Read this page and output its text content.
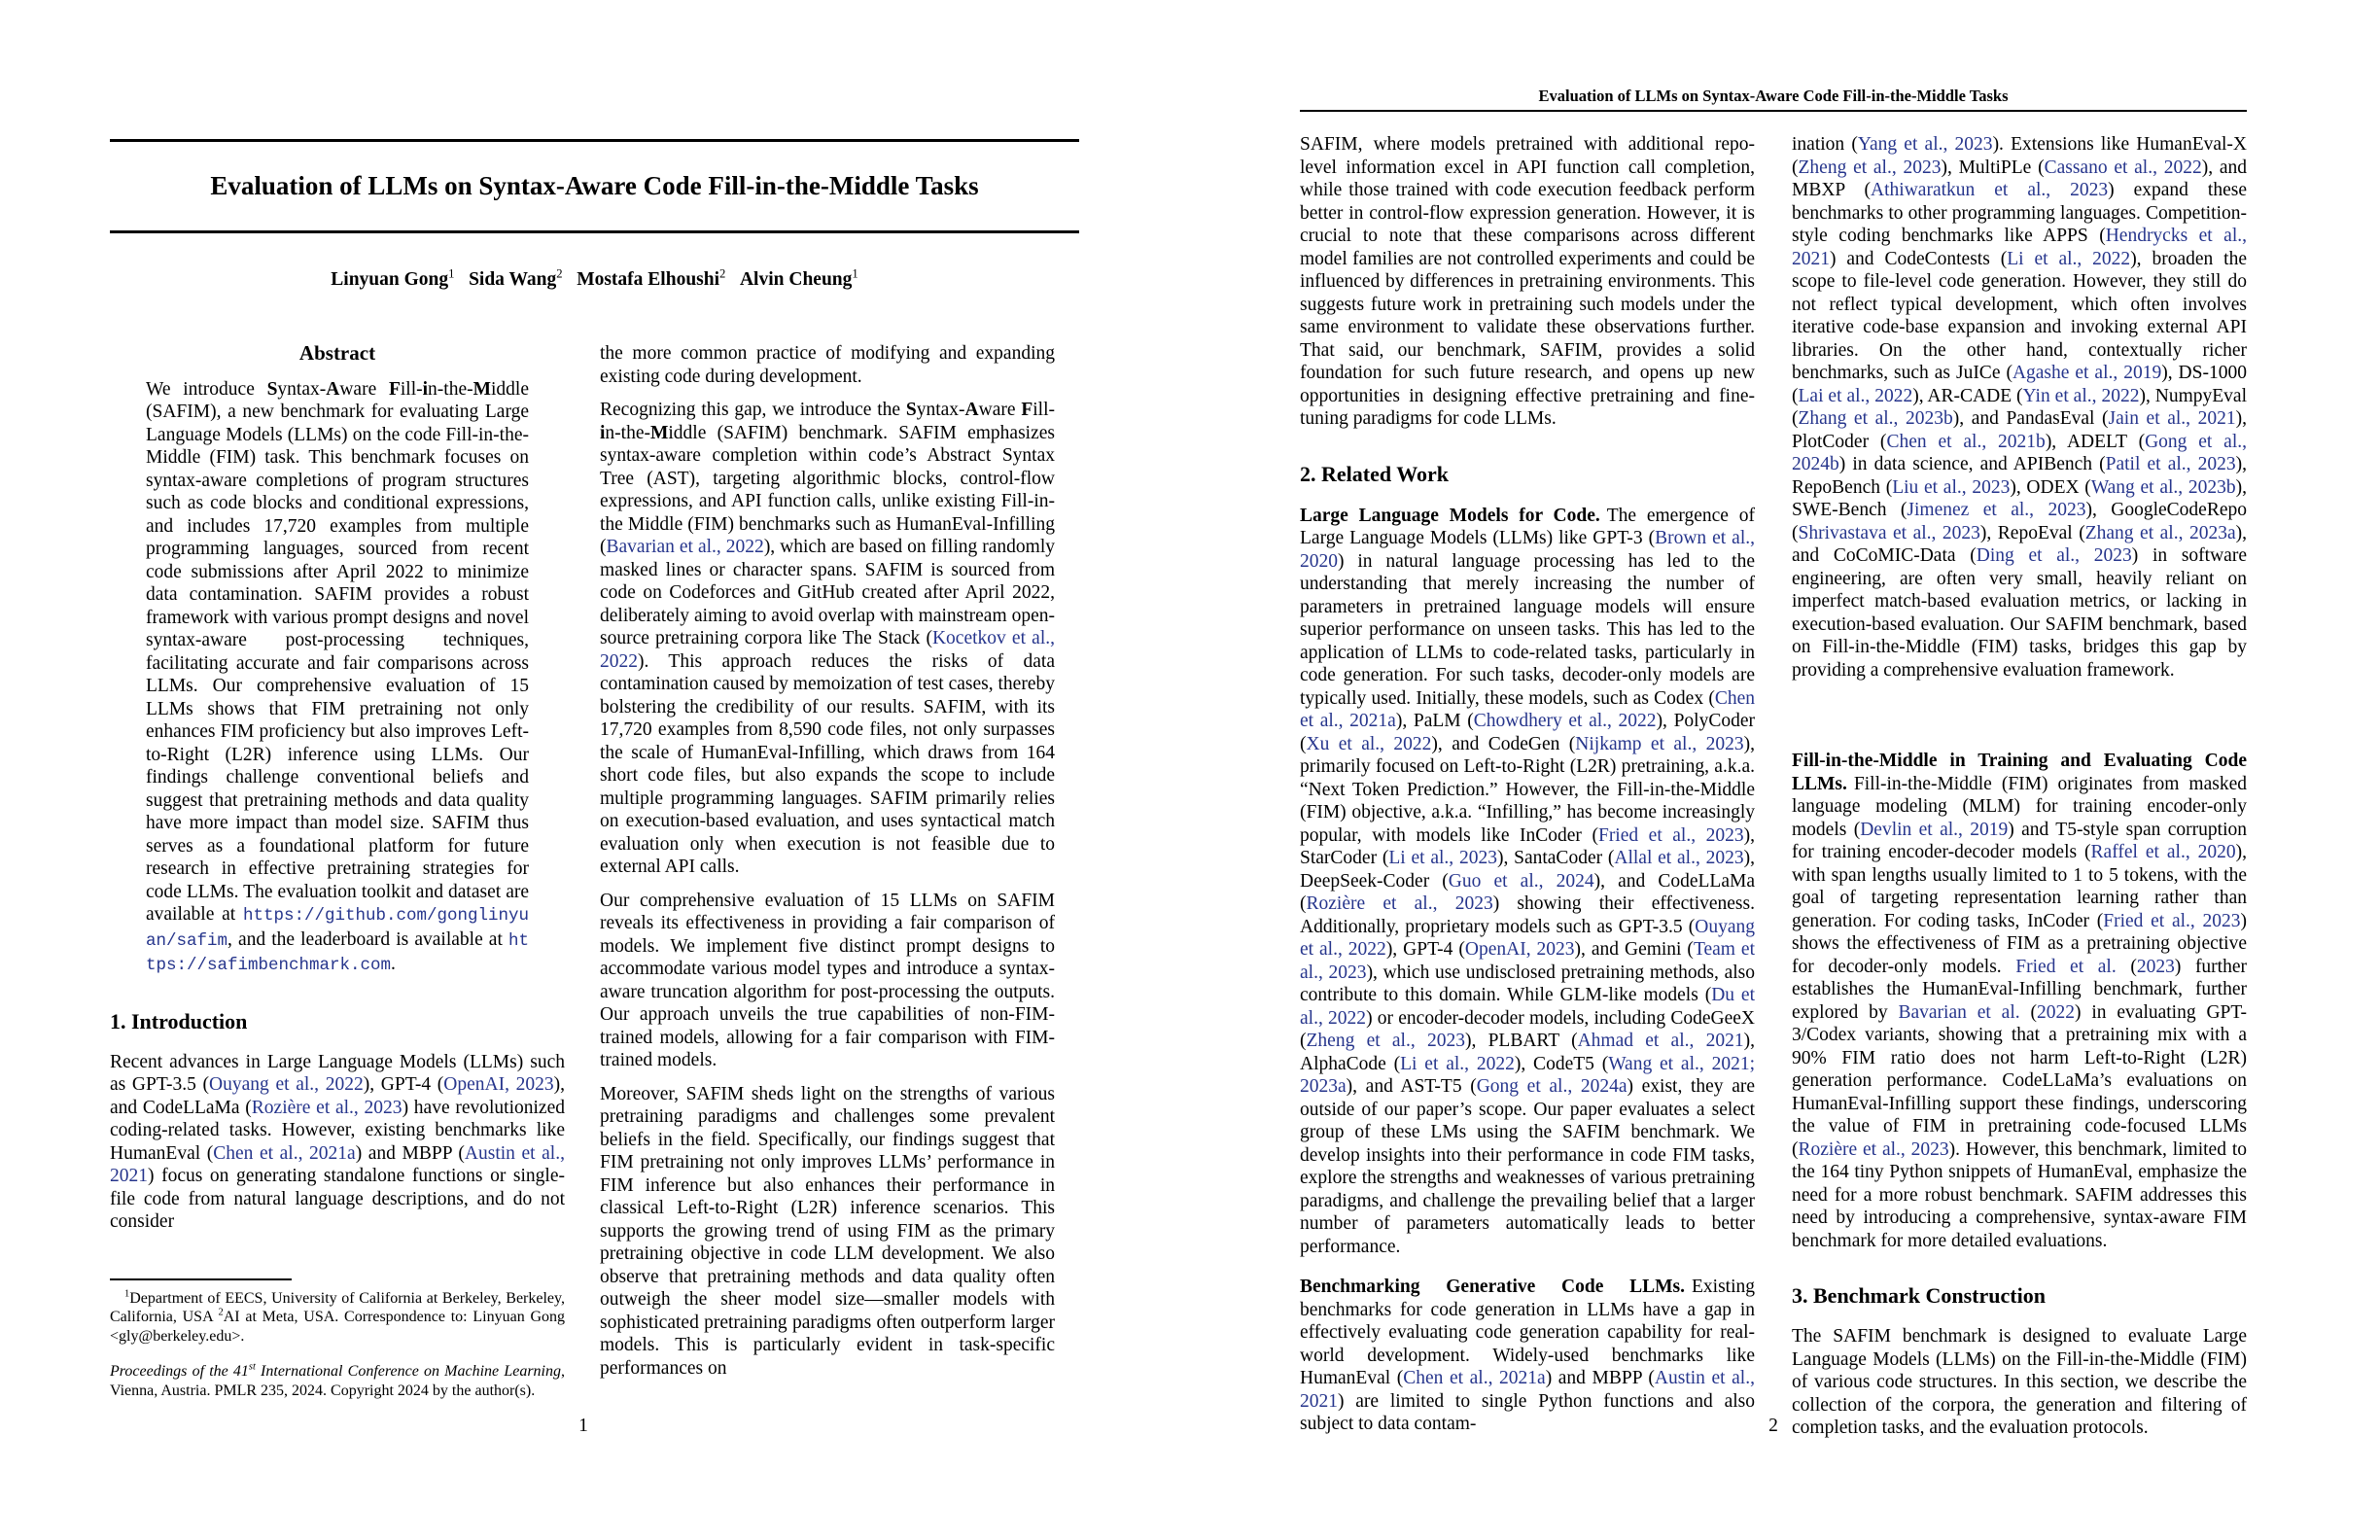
Evaluation of LLMs on Syntax-Aware Code Fill-in-the-Middle Tasks
Linyuan Gong$^1$ Sida Wang$^2$ Mostafa Elhoushi$^2$ Alvin Cheung$^1$
Abstract

We introduce Syntax-Aware Fill-in-the-Middle (SAFIM), a new benchmark for evaluating Large Language Models (LLMs) on the code Fill-in-the-Middle (FIM) task. This benchmark focuses on syntax-aware completions of program structures such as code blocks and conditional expressions, and includes 17,720 examples from multiple programming languages, sourced from recent code submissions after April 2022 to minimize data contamination. SAFIM provides a robust framework with various prompt designs and novel syntax-aware post-processing techniques, facilitating accurate and fair comparisons across LLMs. Our comprehensive evaluation of 15 LLMs shows that FIM pretraining not only enhances FIM proficiency but also improves Left-to-Right (L2R) inference using LLMs. Our findings challenge conventional beliefs and suggest that pretraining methods and data quality have more impact than model size. SAFIM thus serves as a foundational platform for future research in effective pretraining strategies for code LLMs. The evaluation toolkit and dataset are available at https://github.com/gonglinyuan/safim, and the leaderboard is available at https://safimbenchmark.com.

1. Introduction

Recent advances in Large Language Models (LLMs) such as GPT-3.5 (Ouyang et al., 2022), GPT-4 (OpenAI, 2023), and CodeLLaMa (Rozière et al., 2023) have revolutionized coding-related tasks. However, existing benchmarks like HumanEval (Chen et al., 2021a) and MBPP (Austin et al., 2021) focus on generating standalone functions or single-file code from natural language descriptions, and do not consider

$^1$Department of EECS, University of California at Berkeley, Berkeley, California, USA $^2$AI at Meta, USA. Correspondence to: Linyuan Gong <gly@berkeley.edu>.
Proceedings of the 41st International Conference on Machine Learning, Vienna, Austria. PMLR 235, 2024. Copyright 2024 by the author(s).

the more common practice of modifying and expanding existing code during development.

Recognizing this gap, we introduce the Syntax-Aware Fill-in-the-Middle (SAFIM) benchmark. SAFIM emphasizes syntax-aware completion within code’s Abstract Syntax Tree (AST), targeting algorithmic blocks, control-flow expressions, and API function calls, unlike existing Fill-in-the Middle (FIM) benchmarks such as HumanEval-Infilling (Bavarian et al., 2022), which are based on filling randomly masked lines or character spans. SAFIM is sourced from code on Codeforces and GitHub created after April 2022, deliberately aiming to avoid overlap with mainstream open-source pretraining corpora like The Stack (Kocetkov et al., 2022). This approach reduces the risks of data contamination caused by memoization of test cases, thereby bolstering the credibility of our results. SAFIM, with its 17,720 examples from 8,590 code files, not only surpasses the scale of HumanEval-Infilling, which draws from 164 short code files, but also expands the scope to include multiple programming languages. SAFIM primarily relies on execution-based evaluation, and uses syntactical match evaluation only when execution is not feasible due to external API calls.

Our comprehensive evaluation of 15 LLMs on SAFIM reveals its effectiveness in providing a fair comparison of models. We implement five distinct prompt designs to accommodate various model types and introduce a syntax-aware truncation algorithm for post-processing the outputs. Our approach unveils the true capabilities of non-FIM-trained models, allowing for a fair comparison with FIM-trained models.

Moreover, SAFIM sheds light on the strengths of various pretraining paradigms and challenges some prevalent beliefs in the field. Specifically, our findings suggest that FIM pretraining not only improves LLMs’ performance in FIM inference but also enhances their performance in classical Left-to-Right (L2R) inference scenarios. This supports the growing trend of using FIM as the primary pretraining objective in code LLM development. We also observe that pretraining methods and data quality often outweigh the sheer model size—smaller models with sophisticated pretraining paradigms often outperform larger models. This is particularly evident in task-specific performances on

1
Evaluation of LLMs on Syntax-Aware Code Fill-in-the-Middle Tasks

SAFIM, where models pretrained with additional repo-level information excel in API function call completion, while those trained with code execution feedback perform better in control-flow expression generation. However, it is crucial to note that these comparisons across different model families are not controlled experiments and could be influenced by differences in pretraining environments. This suggests future work in pretraining such models under the same environment to validate these observations further. That said, our benchmark, SAFIM, provides a solid foundation for such future research, and opens up new opportunities in designing effective pretraining and fine-tuning paradigms for code LLMs.

2. Related Work

Large Language Models for Code. The emergence of Large Language Models (LLMs) like GPT-3 (Brown et al., 2020) in natural language processing has led to the understanding that merely increasing the number of parameters in pretrained language models will ensure superior performance on unseen tasks. This has led to the application of LLMs to code-related tasks, particularly in code generation. For such tasks, decoder-only models are typically used. Initially, these models, such as Codex (Chen et al., 2021a), PaLM (Chowdhery et al., 2022), PolyCoder (Xu et al., 2022), and CodeGen (Nijkamp et al., 2023), primarily focused on Left-to-Right (L2R) pretraining, a.k.a. “Next Token Prediction.” However, the Fill-in-the-Middle (FIM) objective, a.k.a. “Infilling,” has become increasingly popular, with models like InCoder (Fried et al., 2023), StarCoder (Li et al., 2023), SantaCoder (Allal et al., 2023), DeepSeek-Coder (Guo et al., 2024), and CodeLLaMa (Rozière et al., 2023) showing their effectiveness. Additionally, proprietary models such as GPT-3.5 (Ouyang et al., 2022), GPT-4 (OpenAI, 2023), and Gemini (Team et al., 2023), which use undisclosed pretraining methods, also contribute to this domain. While GLM-like models (Du et al., 2022) or encoder-decoder models, including CodeGeeX (Zheng et al., 2023), PLBART (Ahmad et al., 2021), AlphaCode (Li et al., 2022), CodeT5 (Wang et al., 2021; 2023a), and AST-T5 (Gong et al., 2024a) exist, they are outside of our paper’s scope. Our paper evaluates a select group of these LMs using the SAFIM benchmark. We develop insights into their performance in code FIM tasks, explore the strengths and weaknesses of various pretraining paradigms, and challenge the prevailing belief that a larger number of parameters automatically leads to better performance.

Benchmarking Generative Code LLMs. Existing benchmarks for code generation in LLMs have a gap in effectively evaluating code generation capability for real-world development. Widely-used benchmarks like HumanEval (Chen et al., 2021a) and MBPP (Austin et al., 2021) are limited to single Python functions and also subject to data contam-

ination (Yang et al., 2023). Extensions like HumanEval-X (Zheng et al., 2023), MultiPLe (Cassano et al., 2022), and MBXP (Athiwaratkun et al., 2023) expand these benchmarks to other programming languages. Competition-style coding benchmarks like APPS (Hendrycks et al., 2021) and CodeContests (Li et al., 2022), broaden the scope to file-level code generation. However, they still do not reflect typical development, which often involves iterative code-base expansion and invoking external API libraries. On the other hand, contextually richer benchmarks, such as JuICe (Agashe et al., 2019), DS-1000 (Lai et al., 2022), AR-CADE (Yin et al., 2022), NumpyEval (Zhang et al., 2023b), and PandasEval (Jain et al., 2021), PlotCoder (Chen et al., 2021b), ADELT (Gong et al., 2024b) in data science, and APIBench (Patil et al., 2023), RepoBench (Liu et al., 2023), ODEX (Wang et al., 2023b), SWE-Bench (Jimenez et al., 2023), GoogleCodeRepo (Shrivastava et al., 2023), RepoEval (Zhang et al., 2023a), and CoCoMIC-Data (Ding et al., 2023) in software engineering, are often very small, heavily reliant on imperfect match-based evaluation metrics, or lacking in execution-based evaluation. Our SAFIM benchmark, based on Fill-in-the-Middle (FIM) tasks, bridges this gap by providing a comprehensive evaluation framework.

Fill-in-the-Middle in Training and Evaluating Code LLMs. Fill-in-the-Middle (FIM) originates from masked language modeling (MLM) for training encoder-only models (Devlin et al., 2019) and T5-style span corruption for training encoder-decoder models (Raffel et al., 2020), with span lengths usually limited to 1 to 5 tokens, with the goal of targeting representation learning rather than generation. For coding tasks, InCoder (Fried et al., 2023) shows the effectiveness of FIM as a pretraining objective for decoder-only models. Fried et al. (2023) further establishes the HumanEval-Infilling benchmark, further explored by Bavarian et al. (2022) in evaluating GPT-3/Codex variants, showing that a pretraining mix with a 90% FIM ratio does not harm Left-to-Right (L2R) generation performance. CodeLLaMa’s evaluations on HumanEval-Infilling support these findings, underscoring the value of FIM in pretraining code-focused LLMs (Rozière et al., 2023). However, this benchmark, limited to the 164 tiny Python snippets of HumanEval, emphasize the need for a more robust benchmark. SAFIM addresses this need by introducing a comprehensive, syntax-aware FIM benchmark for more detailed evaluations.

3. Benchmark Construction

The SAFIM benchmark is designed to evaluate Large Language Models (LLMs) on the Fill-in-the-Middle (FIM) of various code structures. In this section, we describe the collection of the corpora, the generation and filtering of completion tasks, and the evaluation protocols.

2
